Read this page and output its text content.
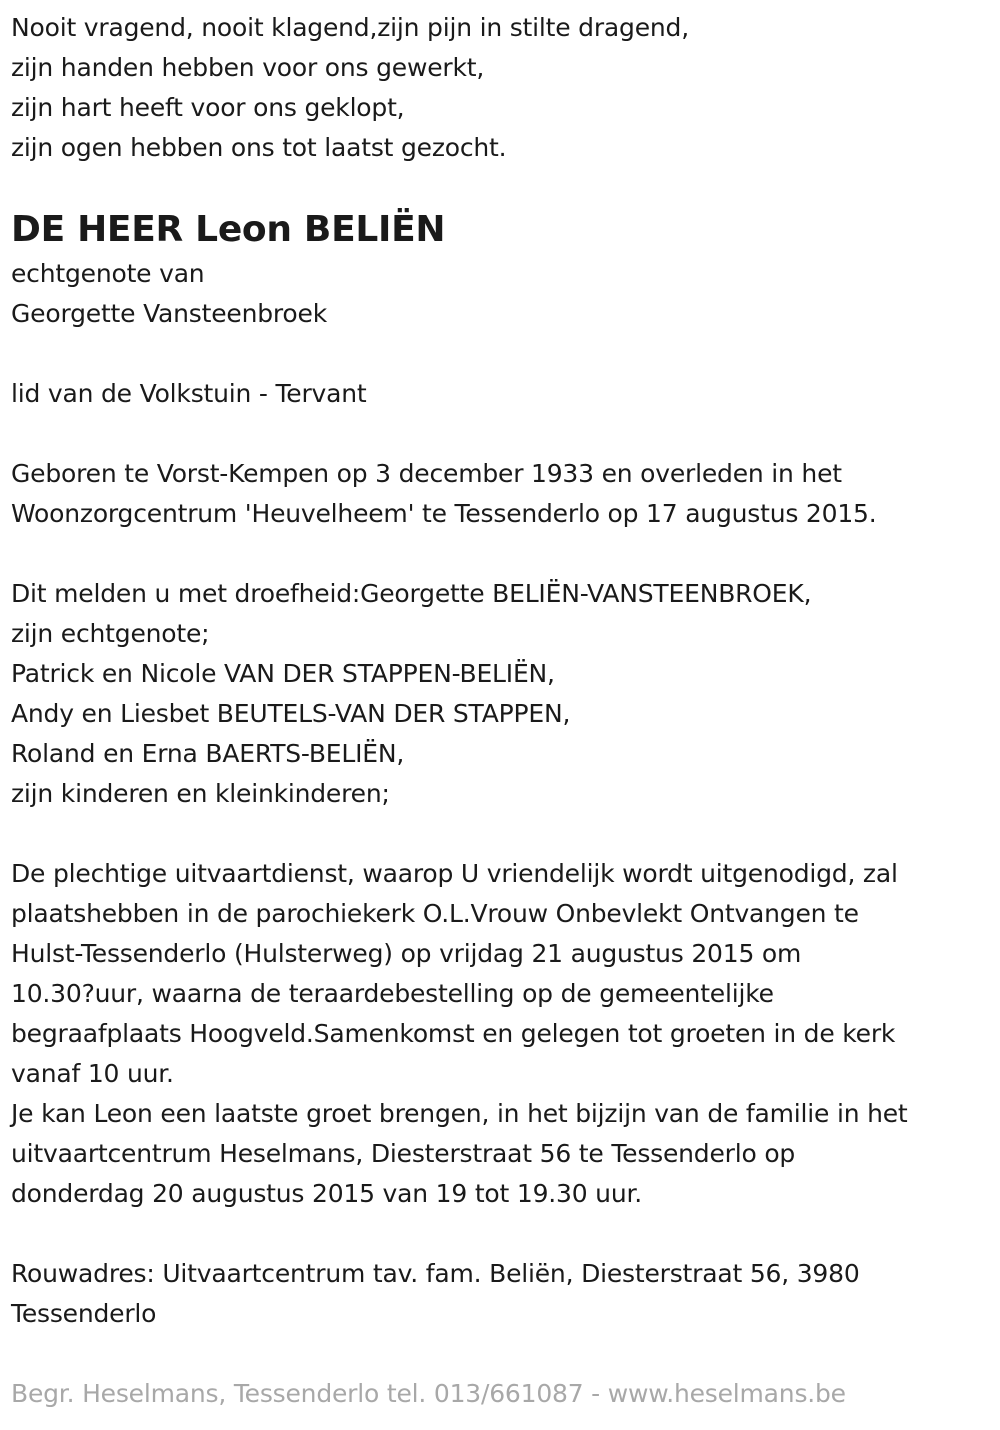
Nooit vragend, nooit klagend,zijn pijn in stilte dragend,
zijn handen hebben voor ons gewerkt,
zijn hart heeft voor ons geklopt,
zijn ogen hebben ons tot laatst gezocht.
DE HEER Leon BELIËN
echtgenote van
Georgette Vansteenbroek
lid van de Volkstuin - Tervant
Geboren te Vorst-Kempen op 3 december 1933 en overleden in het
Woonzorgcentrum 'Heuvelheem' te Tessenderlo op 17 augustus 2015.
Dit melden u met droefheid:Georgette BELIËN-VANSTEENBROEK,
zijn echtgenote;
Patrick en Nicole VAN DER STAPPEN-BELIËN,
Andy en Liesbet BEUTELS-VAN DER STAPPEN,
Roland en Erna BAERTS-BELIËN,
zijn kinderen en kleinkinderen;
De plechtige uitvaartdienst, waarop U vriendelijk wordt uitgenodigd, zal
plaatshebben in de parochiekerk O.L.Vrouw Onbevlekt Ontvangen te
Hulst-Tessenderlo (Hulsterweg) op vrijdag 21 augustus 2015 om
10.30?uur, waarna de teraardebestelling op de gemeentelijke
begraafplaats Hoogveld.Samenkomst en gelegen tot groeten in de kerk
vanaf 10 uur.
Je kan Leon een laatste groet brengen, in het bijzijn van de familie in het
uitvaartcentrum Heselmans, Diesterstraat 56 te Tessenderlo op
donderdag 20 augustus 2015 van 19 tot 19.30 uur.
Rouwadres: Uitvaartcentrum tav. fam. Beliën, Diesterstraat 56, 3980
Tessenderlo
Begr. Heselmans, Tessenderlo tel. 013/661087 - www.heselmans.be
